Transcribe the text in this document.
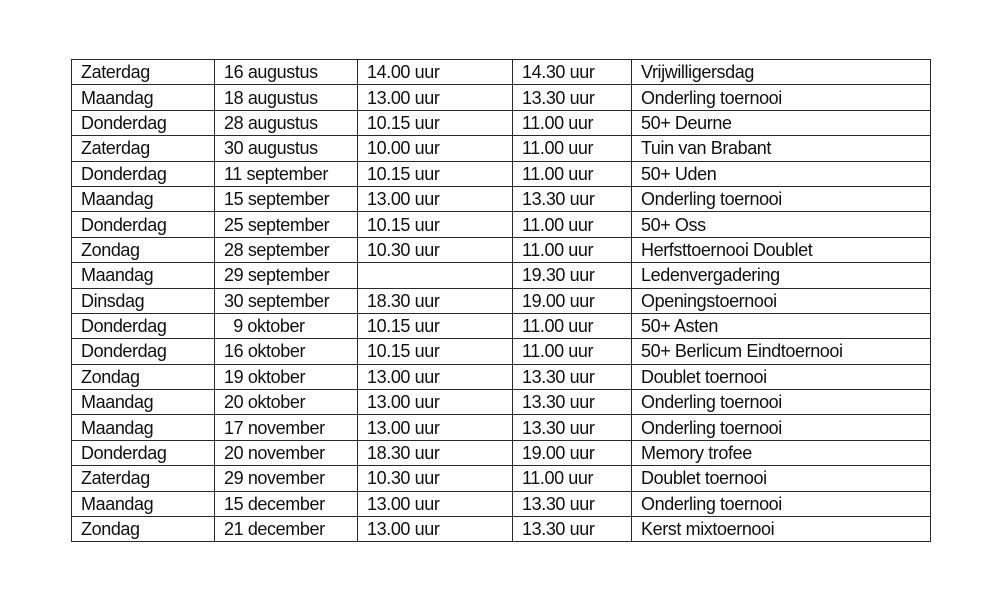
Zaterdag	16 augustus	14.00 uur	14.30 uur	Vrijwilligersdag
Maandag	18 augustus	13.00 uur	13.30 uur	Onderling toernooi
Donderdag	28 augustus	10.15 uur	11.00 uur	50+ Deurne
Zaterdag	30 augustus	10.00 uur	11.00 uur	Tuin van Brabant
Donderdag	11 september	10.15 uur	11.00 uur	50+ Uden
Maandag	15 september	13.00 uur	13.30 uur	Onderling toernooi
Donderdag	25 september	10.15 uur	11.00 uur	50+ Oss
Zondag	28 september	10.30 uur	11.00 uur	Herfsttoernooi Doublet
Maandag	29 september		19.30 uur	Ledenvergadering
Dinsdag	30 september	18.30 uur	19.00 uur	Openingstoernooi
Donderdag	9 oktober	10.15 uur	11.00 uur	50+ Asten
Donderdag	16 oktober	10.15 uur	11.00 uur	50+ Berlicum Eindtoernooi
Zondag	19 oktober	13.00 uur	13.30 uur	Doublet toernooi
Maandag	20 oktober	13.00 uur	13.30 uur	Onderling toernooi
Maandag	17 november	13.00 uur	13.30 uur	Onderling toernooi
Donderdag	20 november	18.30 uur	19.00 uur	Memory trofee
Zaterdag	29 november	10.30 uur	11.00 uur	Doublet toernooi
Maandag	15 december	13.00 uur	13.30 uur	Onderling toernooi
Zondag	21 december	13.00 uur	13.30 uur	Kerst mixtoernooi
